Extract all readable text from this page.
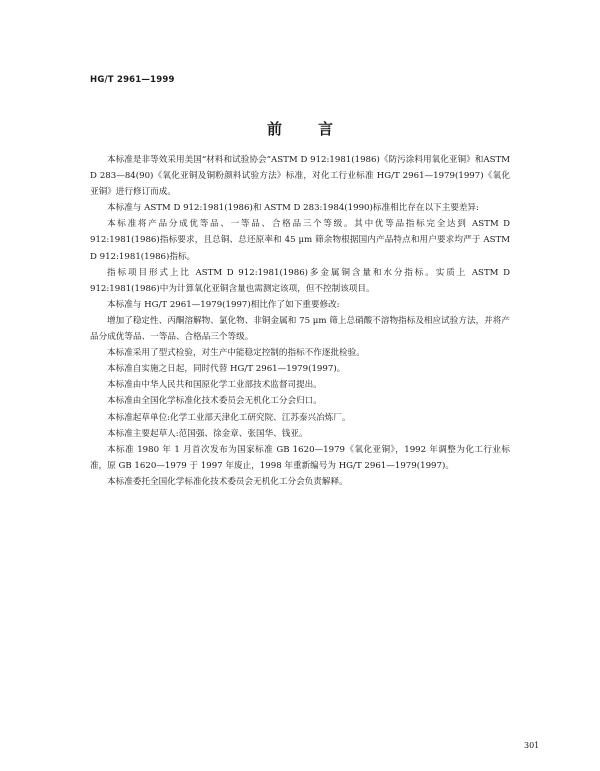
HG/T 2961—1999
前言

本标准是非等效采用美国“材料和试验协会”ASTM D 912:1981(1986)《防污涂料用氧化亚铜》和ASTM D 283—84(90)《氧化亚铜及铜粉颜料试验方法》标准，对化工行业标准 HG/T 2961—1979(1997)《氧化亚铜》进行修订而成。

本标准与 ASTM D 912:1981(1986)和 ASTM D 283:1984(1990)标准相比存在以下主要差异:

本标准将产品分成优等品、一等品、合格品三个等级。其中优等品指标完全达到 ASTM D 912:1981(1986)指标要求，且总铜、总还原率和 45 μm 筛余物根据国内产品特点和用户要求均严于 ASTM D 912:1981(1986)指标。

指标项目形式上比 ASTM D 912:1981(1986)多金属铜含量和水分指标。实质上 ASTM D 912:1981(1986)中为计算氧化亚铜含量也需测定该项，但不控制该项目。

本标准与 HG/T 2961—1979(1997)相比作了如下重要修改:

增加了稳定性、丙酮溶解物、氯化物、非铜金属和 75 μm 筛上总硝酸不溶物指标及相应试验方法，并将产品分成优等品、一等品、合格品三个等级。

本标准采用了型式检验，对生产中能稳定控制的指标不作逐批检验。

本标准自实施之日起，同时代替 HG/T 2961—1979(1997)。

本标准由中华人民共和国原化学工业部技术监督司提出。

本标准由全国化学标准化技术委员会无机化工分会归口。

本标准起草单位:化学工业部天津化工研究院、江苏泰兴冶炼厂。

本标准主要起草人:范国强、徐金章、张国华、钱亚。

本标准 1980 年 1 月首次发布为国家标准 GB 1620—1979《氧化亚铜》，1992 年调整为化工行业标准，原 GB 1620—1979 于 1997 年废止，1998 年重新编号为 HG/T 2961—1979(1997)。

本标准委托全国化学标准化技术委员会无机化工分会负责解释。

301
